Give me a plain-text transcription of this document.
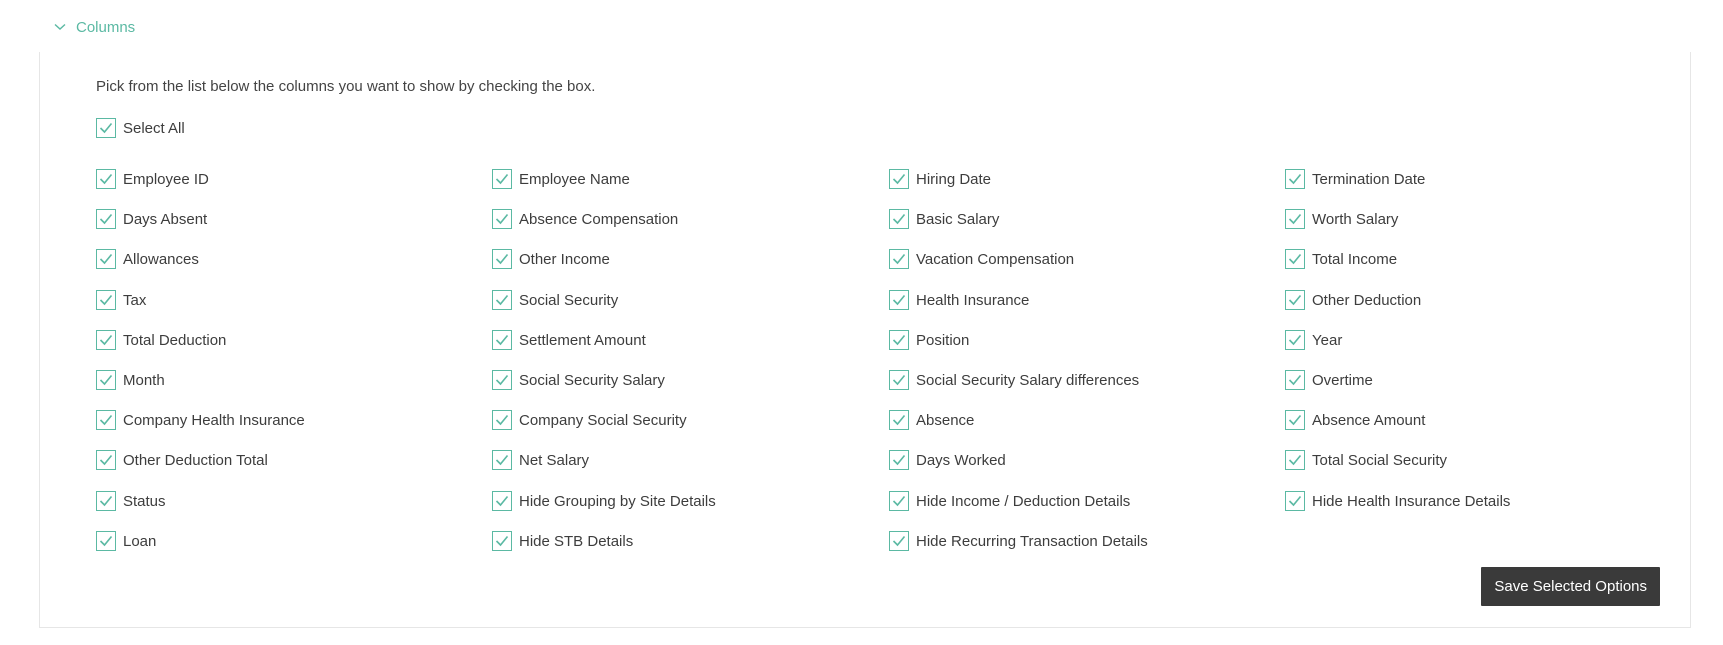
Columns
Pick from the list below the columns you want to show by checking the box.
Select All
Employee ID
Days Absent
Allowances
Tax
Total Deduction
Month
Company Health Insurance
Other Deduction Total
Status
Loan
Employee Name
Absence Compensation
Other Income
Social Security
Settlement Amount
Social Security Salary
Company Social Security
Net Salary
Hide Grouping by Site Details
Hide STB Details
Hiring Date
Basic Salary
Vacation Compensation
Health Insurance
Position
Social Security Salary differences
Absence
Days Worked
Hide Income / Deduction Details
Hide Recurring Transaction Details
Termination Date
Worth Salary
Total Income
Other Deduction
Year
Overtime
Absence Amount
Total Social Security
Hide Health Insurance Details
Save Selected Options
